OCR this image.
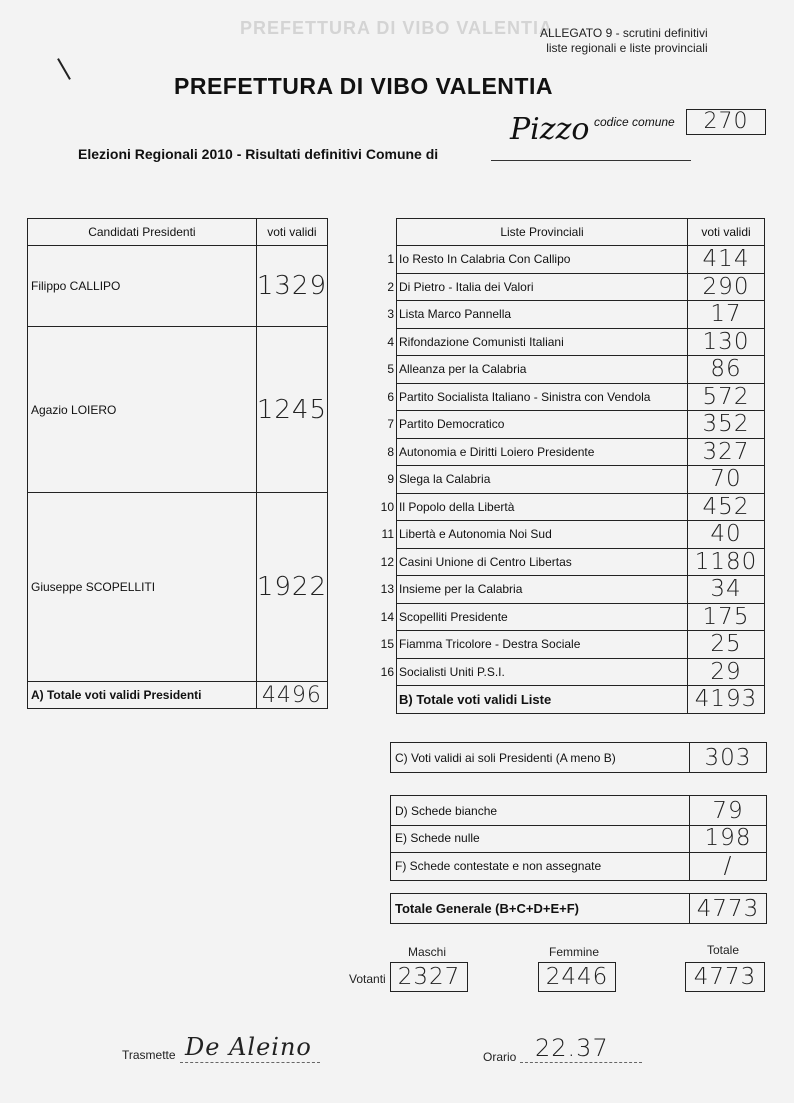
PREFETTURA DI VIBO VALENTIA
ALLEGATO 9 - scrutini definitivi
liste regionali e liste provinciali
PREFETTURA DI VIBO VALENTIA
codice comune	270
Elezioni Regionali 2010 - Risultati definitivi Comune di
Pizzo
Candidati Presidenti	voti validi
Filippo CALLIPO	1329
Agazio LOIERO	1245
Giuseppe SCOPELLITI	1922
A) Totale voti validi Presidenti	4496
	Liste Provinciali	voti validi
1	Io Resto In Calabria Con Callipo	414
2	Di Pietro - Italia dei Valori	290
3	Lista Marco Pannella	17
4	Rifondazione Comunisti Italiani	130
5	Alleanza per la Calabria	86
6	Partito Socialista Italiano - Sinistra con Vendola	572
7	Partito Democratico	352
8	Autonomia e Diritti Loiero Presidente	327
9	Slega la Calabria	70
10	Il Popolo della Libertà	452
11	Libertà e Autonomia Noi Sud	40
12	Casini Unione di Centro Libertas	1180
13	Insieme per la Calabria	34
14	Scopelliti Presidente	175
15	Fiamma Tricolore - Destra Sociale	25
16	Socialisti Uniti P.S.I.	29
	B) Totale voti validi Liste	4193
C) Voti validi ai soli Presidenti (A meno B)	303
D) Schede bianche	79
E) Schede nulle	198
F) Schede contestate e non assegnate	/
Totale Generale (B+C+D+E+F)	4773
Maschi	Femmine	Totale
Votanti 2327	2446	4773
Trasmette De Aleino	Orario 22.37
